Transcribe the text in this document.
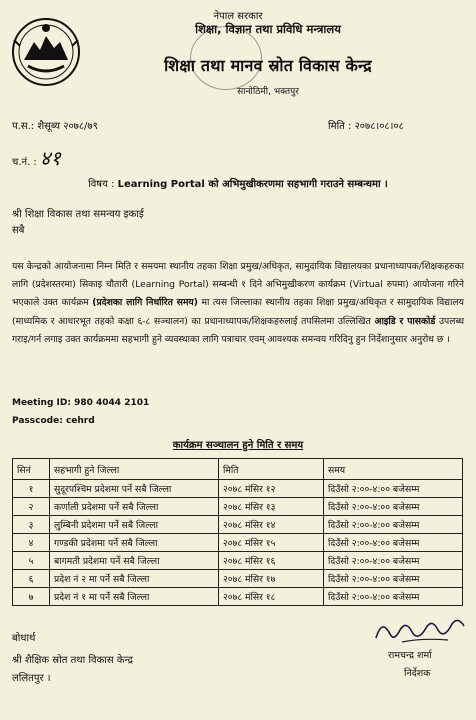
नेपाल सरकार
शिक्षा, विज्ञान तथा प्रविधि मन्त्रालय
शिक्षा तथा मानव स्रोत विकास केन्द्र
सानोठिमी, भक्तपुर
प.स.: शैसूब्य २०७८/७९	मिति : २०७८।०८।०८
च.नं. : ४१
विषय : Learning Portal को अभिमुखीकरणमा सहभागी गराउने सम्बन्धमा ।
श्री शिक्षा विकास तथा समन्वय इकाई
सबै
यस केन्द्रको आयोजनामा निम्न मिति र समयमा स्थानीय तहका शिक्षा प्रमुख/अधिकृत, सामुदायिक विद्यालयका प्रधानाध्यापक/शिक्षकहरुका लागि (प्रदेशस्तरमा) सिकाइ चौतारी (Learning Portal) सम्बन्धी १ दिने अभिमुखीकरण कार्यक्रम (Virtual रुपमा) आयोजना गरिने भएकाले उक्त कार्यक्रम (प्रदेशका लागि निर्धारित समय) मा त्यस जिल्लाका स्थानीय तहका शिक्षा प्रमुख/अधिकृत र सामुदायिक विद्यालय (माध्यमिक र आधारभूत तहको कक्षा ६-८ सञ्चालन) का प्रधानाध्यापक/शिक्षकहरुलाई तपसिलमा उल्लिखित आइडि र पासकोर्ड उपलब्ध गराइ/गर्न लगाइ उक्त कार्यक्रममा सहभागी हुने व्यवस्थाका लागि पत्राचार एवम् आवश्यक समन्वय गरिदिनु हुन निर्देशानुसार अनुरोध छ ।
Meeting ID: 980 4044 2101
Passcode: cehrd
कार्यक्रम सञ्चालन हुने मिति र समय
सिनं	सहभागी हुने जिल्ला	मिति	समय
१	सुदूरपश्चिम प्रदेशमा पर्ने सबै जिल्ला	२०७८ मंसिर १२	दिउँसो २:००-४:०० बजेसम्म
२	कर्णाली प्रदेशमा पर्ने सबै जिल्ला	२०७८ मंसिर १३	दिउँसो २:००-४:०० बजेसम्म
३	लुम्बिनी प्रदेशमा पर्ने सबै जिल्ला	२०७८ मंसिर १४	दिउँसो २:००-४:०० बजेसम्म
४	गण्डकी प्रदेशमा पर्ने सबै जिल्ला	२०७८ मंसिर १५	दिउँसो २:००-४:०० बजेसम्म
५	बागमती प्रदेशमा पर्ने सबै जिल्ला	२०७८ मंसिर १६	दिउँसो २:००-४:०० बजेसम्म
६	प्रदेश नं २ मा पर्ने सबै जिल्ला	२०७८ मंसिर १७	दिउँसो २:००-४:०० बजेसम्म
७	प्रदेश नं १ मा पर्ने सबै जिल्ला	२०७८ मंसिर १८	दिउँसो २:००-४:०० बजेसम्म
बोधार्थ
श्री शैक्षिक स्रोत तथा विकास केन्द्र
ललितपुर ।
रामचन्द्र शर्मा
निर्देशक
